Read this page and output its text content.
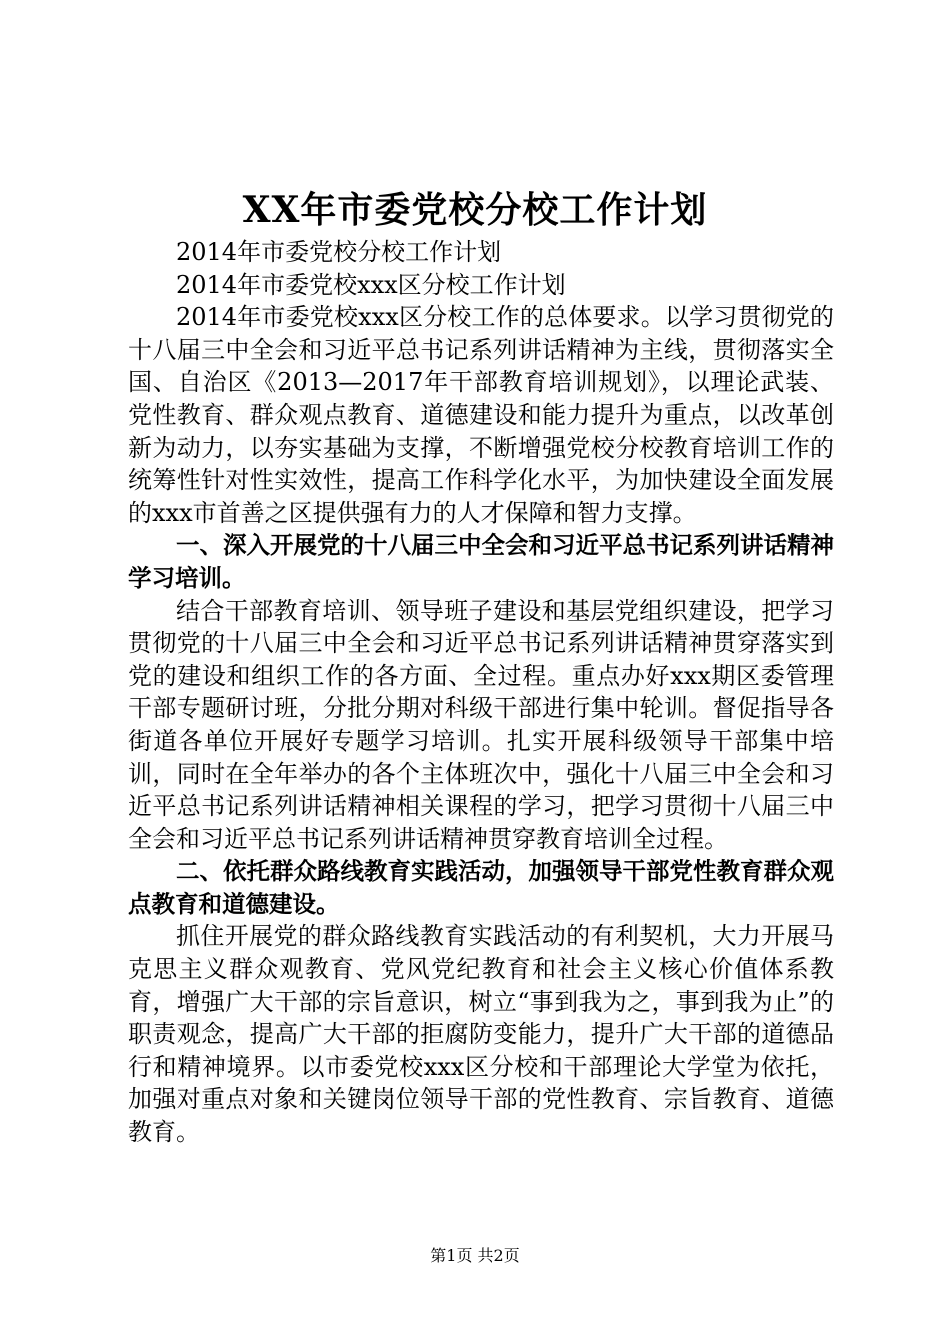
XX年市委党校分校工作计划

2014年市委党校分校工作计划

2014年市委党校xxx区分校工作计划

2014年市委党校xxx区分校工作的总体要求。以学习贯彻党的十八届三中全会和习近平总书记系列讲话精神为主线，贯彻落实全国、自治区《2013—2017年干部教育培训规划》，以理论武装、党性教育、群众观点教育、道德建设和能力提升为重点，以改革创新为动力，以夯实基础为支撑，不断增强党校分校教育培训工作的统筹性针对性实效性，提高工作科学化水平，为加快建设全面发展的xxx市首善之区提供强有力的人才保障和智力支撑。

一、深入开展党的十八届三中全会和习近平总书记系列讲话精神学习培训。

结合干部教育培训、领导班子建设和基层党组织建设，把学习贯彻党的十八届三中全会和习近平总书记系列讲话精神贯穿落实到党的建设和组织工作的各方面、全过程。重点办好xxx期区委管理干部专题研讨班，分批分期对科级干部进行集中轮训。督促指导各街道各单位开展好专题学习培训。扎实开展科级领导干部集中培训，同时在全年举办的各个主体班次中，强化十八届三中全会和习近平总书记系列讲话精神相关课程的学习，把学习贯彻十八届三中全会和习近平总书记系列讲话精神贯穿教育培训全过程。

二、依托群众路线教育实践活动，加强领导干部党性教育群众观点教育和道德建设。

抓住开展党的群众路线教育实践活动的有利契机，大力开展马克思主义群众观教育、党风党纪教育和社会主义核心价值体系教育，增强广大干部的宗旨意识，树立“事到我为之，事到我为止”的职责观念，提高广大干部的拒腐防变能力，提升广大干部的道德品行和精神境界。以市委党校xxx区分校和干部理论大学堂为依托，加强对重点对象和关键岗位领导干部的党性教育、宗旨教育、道德教育。

第1页 共2页
